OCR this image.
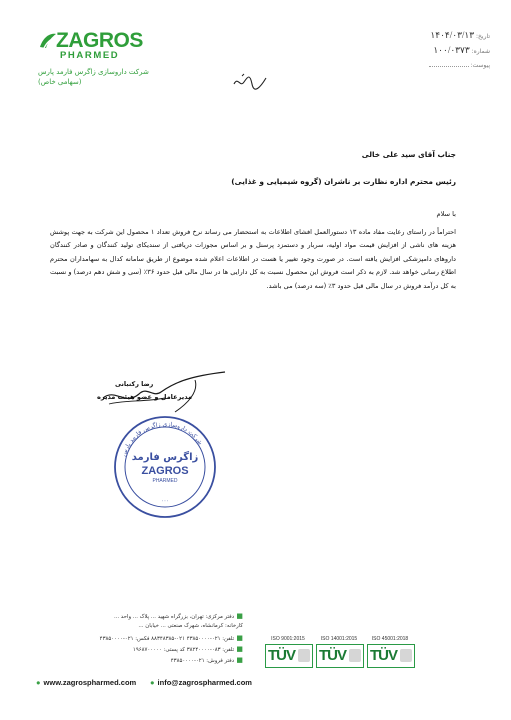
ZAGROS
PHARMED
شرکت داروسازی زاگرس فارمد پارس
(سهامی خاص)
تاریخ: ۱۴۰۴/۰۳/۱۳
شماره: ۱۰۰/۰۳۷۳
پیوست:
جناب آقای سید علی خالی
رئیس محترم اداره نظارت بر ناشران (گروه شیمیایی و غذایی)
با سلام
احتراماً در راستای رعایت مفاد ماده ۱۳ دستورالعمل افشای اطلاعات به استحضار می رساند نرخ فروش تعداد ۱ محصول این شرکت به جهت پوشش هزینه های ناشی از افزایش قیمت مواد اولیه، سربار و دستمزد پرسنل و بر اساس مجوزات دریافتی از سندیکای تولید کنندگان و صادر کنندگان داروهای دامپزشکی افزایش یافته است. در صورت وجود تغییر یا هست در اطلاعات اعلام شده موضوع از طریق سامانه کدال به سهامداران محترم اطلاع رسانی خواهد شد. لازم به ذکر است فروش این محصول نسبت به کل دارایی ها در سال مالی قبل حدود ۳۶٪ (سی و شش دهم درصد) و نسبت به کل درآمد فروش در سال مالی قبل حدود ۳٪ (سه درصد) می باشد.
رضا رکنبانی
مدیرعامل و عضو هیئت مدیره
شرکت داروسازی زاگرس فارمد پارس
زاگرس فارمد
ZAGROS
PHARMED
۰۰۰
■ دفتر مرکزی: تهران، بزرگراه شهید ... پلاک ... واحد ...
کارخانه: کرمانشاه، شهرک صنعتی ... خیابان ...
■ تلفن: ۰۲۱-۴۳۸۵۰۰۰۰ ۰۲۱-۸۸۳۴۸۳۸۵ فکس: ۰۲۱-۴۳۸۵۰۰۰۰
■ تلفن: ۰۸۳-۳۸۲۴۰۰۰۰ کد پستی: ۱۹۶۸۷۰۰۰۰۰
■ دفتر فروش: ۰۲۱-۴۳۸۵۰۰۰۰
● www.zagrospharmed.com ● info@zagrospharmed.com
ISO 9001:2015
TÜV
ISO 14001:2015
TÜV
ISO 45001:2018
TÜV
